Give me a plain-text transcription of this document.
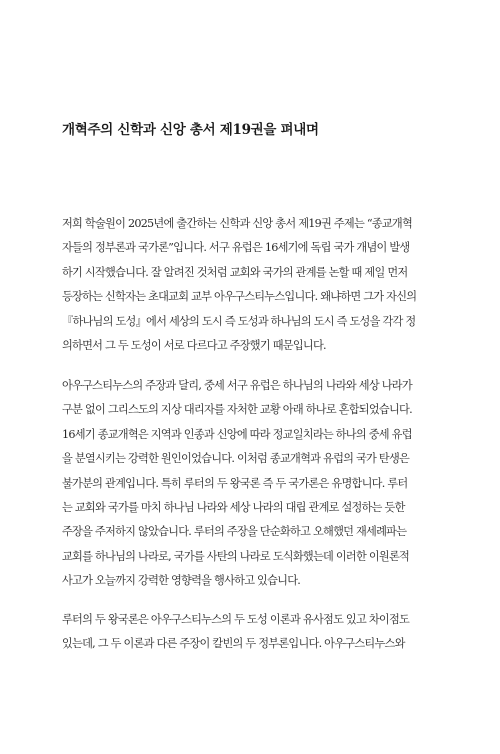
개혁주의 신학과 신앙 총서 제19권을 펴내며
저희 학술원이 2025년에 출간하는 신학과 신앙 총서 제19권 주제는 “종교개혁
자들의 정부론과 국가론”입니다. 서구 유럽은 16세기에 독립 국가 개념이 발생
하기 시작했습니다. 잘 알려진 것처럼 교회와 국가의 관계를 논할 때 제일 먼저
등장하는 신학자는 초대교회 교부 아우구스티누스입니다. 왜냐하면 그가 자신의
『하나님의 도성』에서 세상의 도시 즉 도성과 하나님의 도시 즉 도성을 각각 정
의하면서 그 두 도성이 서로 다르다고 주장했기 때문입니다.
아우구스티누스의 주장과 달리, 중세 서구 유럽은 하나님의 나라와 세상 나라가
구분 없이 그리스도의 지상 대리자를 자처한 교황 아래 하나로 혼합되었습니다.
16세기 종교개혁은 지역과 인종과 신앙에 따라 정교일치라는 하나의 중세 유럽
을 분열시키는 강력한 원인이었습니다. 이처럼 종교개혁과 유럽의 국가 탄생은
불가분의 관계입니다. 특히 루터의 두 왕국론 즉 두 국가론은 유명합니다. 루터
는 교회와 국가를 마치 하나님 나라와 세상 나라의 대립 관계로 설정하는 듯한
주장을 주저하지 않았습니다. 루터의 주장을 단순화하고 오해했던 재세례파는
교회를 하나님의 나라로, 국가를 사탄의 나라로 도식화했는데 이러한 이원론적
사고가 오늘까지 강력한 영향력을 행사하고 있습니다.
루터의 두 왕국론은 아우구스티누스의 두 도성 이론과 유사점도 있고 차이점도
있는데, 그 두 이론과 다른 주장이 칼빈의 두 정부론입니다. 아우구스티누스와
